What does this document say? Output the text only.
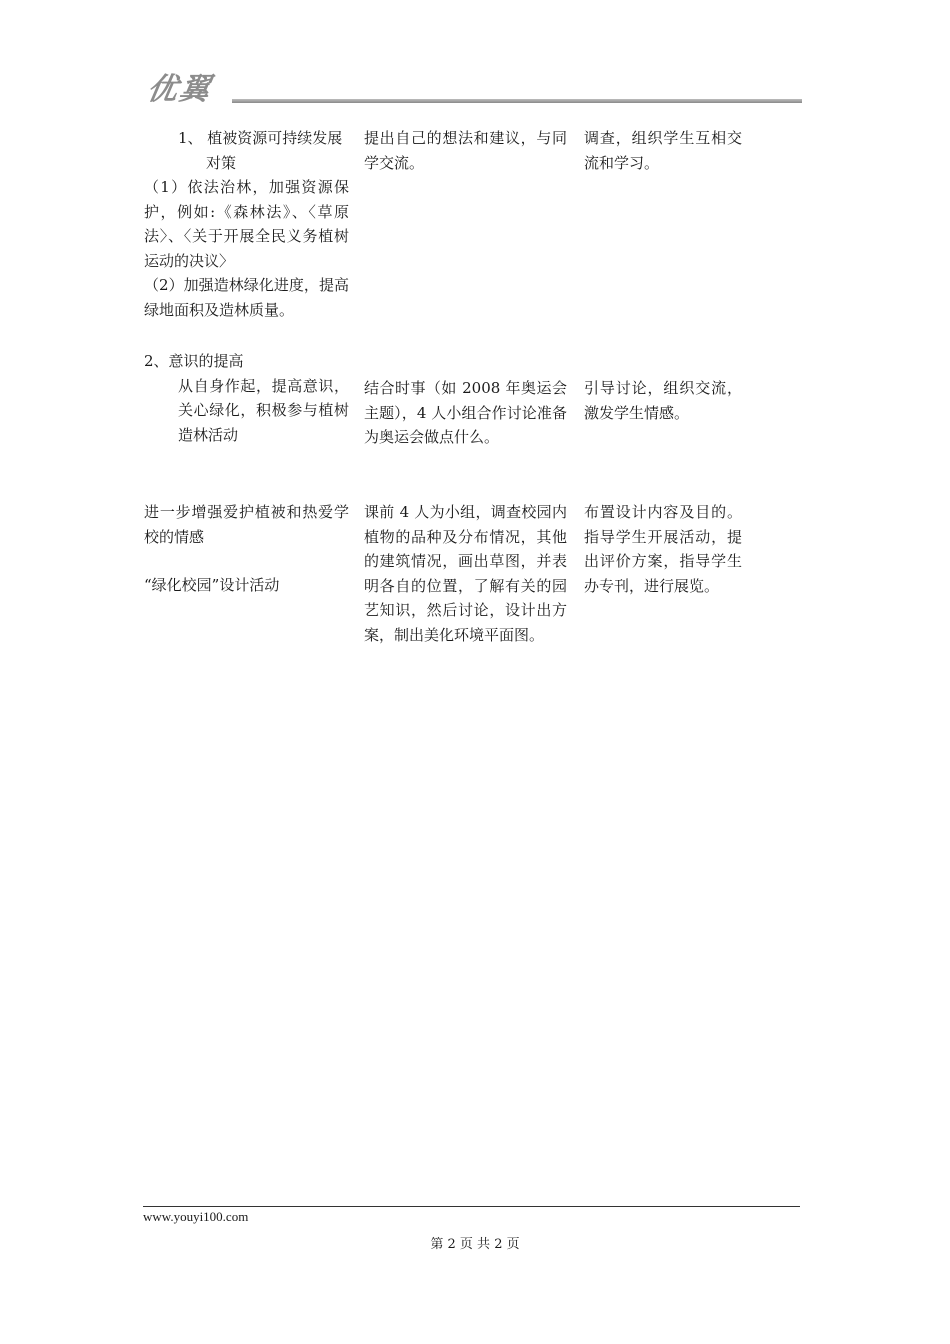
优翼

1、 植被资源可持续发展对策

（1）依法治林，加强资源保护，例如:《森林法》、〈草原法〉、〈关于开展全民义务植树运动的决议〉

（2）加强造林绿化进度，提高绿地面积及造林质量。

提出自己的想法和建议，与同学交流。
调查，组织学生互相交流和学习。

2、意识的提高

从自身作起，提高意识，关心绿化，积极参与植树造林活动

结合时事（如 2008 年奥运会主题），4 人小组合作讨论准备为奥运会做点什么。
引导讨论，组织交流，激发学生情感。

进一步增强爱护植被和热爱学校的情感

“绿化校园”设计活动

课前 4 人为小组，调查校园内植物的品种及分布情况，其他的建筑情况，画出草图，并表明各自的位置，了解有关的园艺知识，然后讨论，设计出方案，制出美化环境平面图。
布置设计内容及目的。指导学生开展活动，提出评价方案，指导学生办专刊，进行展览。
www.youyi100.com
第 2 页 共 2 页
